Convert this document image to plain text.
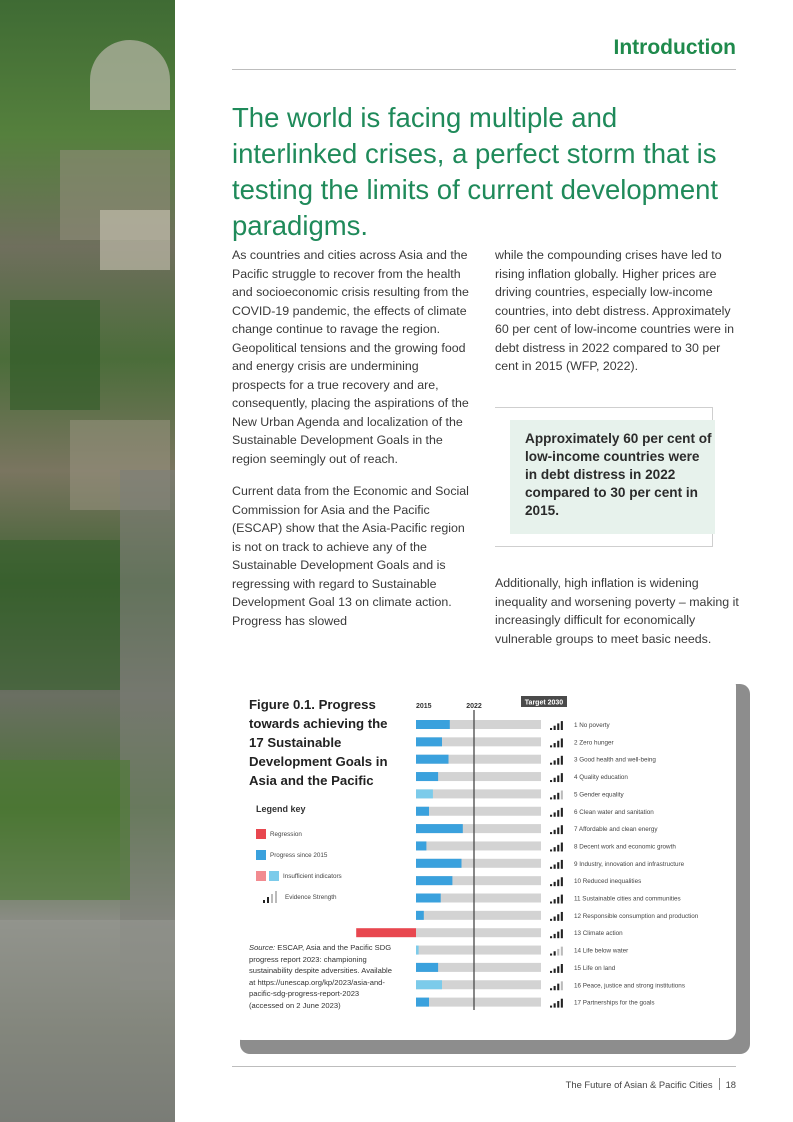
Introduction
The world is facing multiple and interlinked crises, a perfect storm that is testing the limits of current development paradigms.

As countries and cities across Asia and the Pacific struggle to recover from the health and socioeconomic crisis resulting from the COVID-19 pandemic, the effects of climate change continue to ravage the region. Geopolitical tensions and the growing food and energy crisis are undermining prospects for a true recovery and are, consequently, placing the aspirations of the New Urban Agenda and localization of the Sustainable Development Goals in the region seemingly out of reach.

Current data from the Economic and Social Commission for Asia and the Pacific (ESCAP) show that the Asia-Pacific region is not on track to achieve any of the Sustainable Development Goals and is regressing with regard to Sustainable Development Goal 13 on climate action. Progress has slowed

while the compounding crises have led to rising inflation globally. Higher prices are driving countries, especially low-income countries, into debt distress. Approximately 60 per cent of low-income countries were in debt distress in 2022 compared to 30 per cent in 2015 (WFP, 2022).

Approximately 60 per cent of low-income countries were in debt distress in 2022 compared to 30 per cent in 2015.

Additionally, high inflation is widening inequality and worsening poverty – making it increasingly difficult for economically vulnerable groups to meet basic needs.

Figure 0.1. Progress towards achieving the 17 Sustainable Development Goals in Asia and the Pacific
Legend key
Regression
Progress since 2015
Insufficient indicators
Evidence Strength
Source: ESCAP, Asia and the Pacific SDG progress report 2023: championing sustainability despite adversities. Available at https://unescap.org/kp/2023/asia-and-pacific-sdg-progress-report-2023 (accessed on 2 June 2023)
2015	2022	Target 2030
1 No poverty
2 Zero hunger
3 Good health and well-being
4 Quality education
5 Gender equality
6 Clean water and sanitation
7 Affordable and clean energy
8 Decent work and economic growth
9 Industry, innovation and infrastructure
10 Reduced inequalities
11 Sustainable cities and communities
12 Responsible consumption and production
13 Climate action
14 Life below water
15 Life on land
16 Peace, justice and strong institutions
17 Partnerships for the goals
The Future of Asian & Pacific Cities 18
